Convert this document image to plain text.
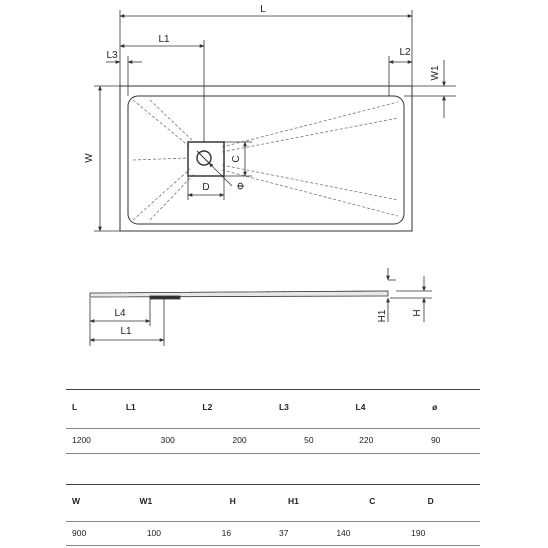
L
L1
L3	L2
W1
W	C
D	Φ
H1 H
L4
L1
L	L1	L2	L3	L4	ø
1200	300	200	50	220	90
W	W1	H	H1	C	D
900	100	16	37	140	190
